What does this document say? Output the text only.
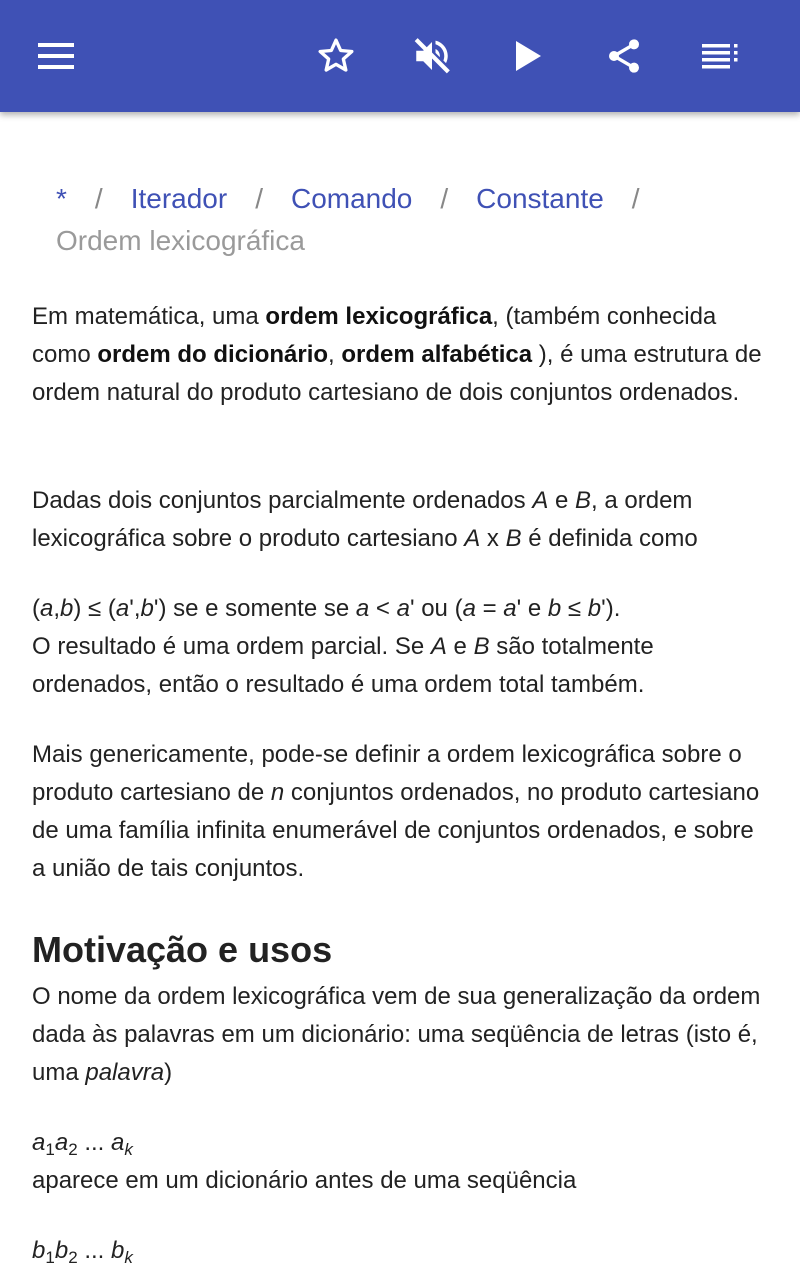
* / Iterador / Comando / Constante /
Ordem lexicográfica
Em matemática, uma ordem lexicográfica, (também conhecida como ordem do dicionário, ordem alfabética ), é uma estrutura de ordem natural do produto cartesiano de dois conjuntos ordenados.
Dadas dois conjuntos parcialmente ordenados A e B, a ordem lexicográfica sobre o produto cartesiano A x B é definida como
(a,b) ≤ (a',b') se e somente se a < a' ou (a = a' e b ≤ b').
O resultado é uma ordem parcial. Se A e B são totalmente ordenados, então o resultado é uma ordem total também.
Mais genericamente, pode-se definir a ordem lexicográfica sobre o produto cartesiano de n conjuntos ordenados, no produto cartesiano de uma família infinita enumerável de conjuntos ordenados, e sobre a união de tais conjuntos.
Motivação e usos
O nome da ordem lexicográfica vem de sua generalização da ordem dada às palavras em um dicionário: uma seqüência de letras (isto é, uma palavra)
$a_1a_2$ ... $a_k$
aparece em um dicionário antes de uma seqüência
$b_1b_2$ ... $b_k$
